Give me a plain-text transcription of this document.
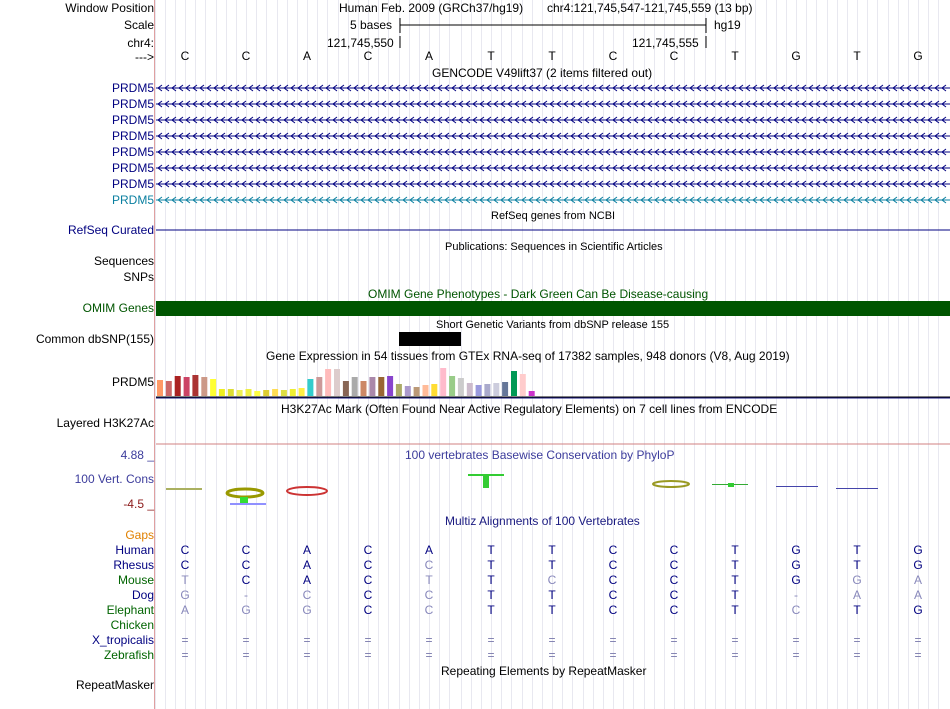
Window Position
Scale
chr4:
--->
Human Feb. 2009 (GRCh37/hg19) chr4:121,745,547-121,745,559 (13 bp)
5 bases	hg19
121,745,550	121,745,555
GENCODE V49lift37 (2 items filtered out)
PRDM5
PRDM5
PRDM5
PRDM5
PRDM5
PRDM5
PRDM5
PRDM5
RefSeq genes from NCBI
RefSeq Curated
Publications: Sequences in Scientific Articles
Sequences
SNPs
OMIM Gene Phenotypes - Dark Green Can Be Disease-causing
OMIM Genes
Short Genetic Variants from dbSNP release 155
Common dbSNP(155)
Gene Expression in 54 tissues from GTEx RNA-seq of 17382 samples, 948 donors (V8, Aug 2019)
PRDM5
H3K27Ac Mark (Often Found Near Active Regulatory Elements) on 7 cell lines from ENCODE
Layered H3K27Ac
100 vertebrates Basewise Conservation by PhyloP
4.88 _
100 Vert. Cons
-4.5 _
Multiz Alignments of 100 Vertebrates
Gaps
Human	C	C	A	C	A	T	T	C	C	T	G	T	G
Rhesus	C	C	A	C	C	T	T	C	C	T	G	T	G
Mouse	T	C	A	C	T	T	C	C	C	T	G	G	A
Dog	G	-	C	C	C	T	T	C	C	T	-	A	A
Elephant	A	G	G	C	C	T	T	C	C	T	C	T	G
Chicken
X_tropicalis	=	=	=	=	=	=	=	=	=	=	=	=	=
Zebrafish	=	=	=	=	=	=	=	=	=	=	=	=	=
Repeating Elements by RepeatMasker
RepeatMasker
C	C	A	C	A	T	T	C	C	T	G	T	G
